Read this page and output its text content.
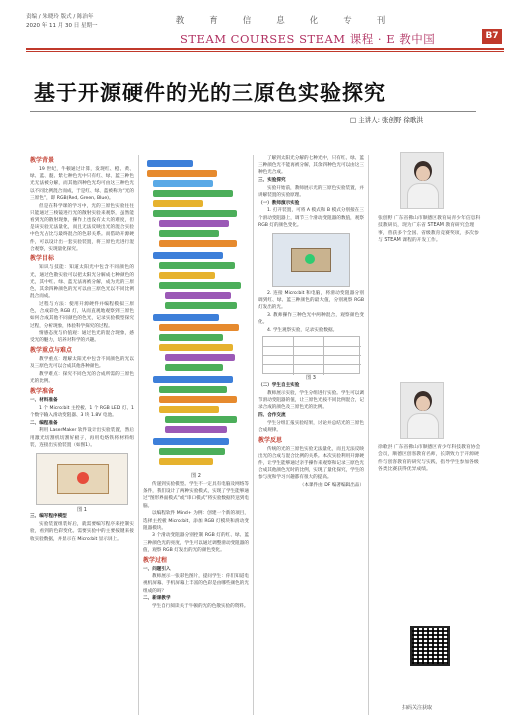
责编 / 朱晓玲 版式 / 陈治年
2020 年 11 月 30 日 星期一	教育信息化专刊
STEAM COURSES STEAM 课程 · E 教中国	B7
基于开源硬件的光的三原色实验探究
□ 主讲人: 张创野 徐歌洪
教学背景

19 世纪，牛顿通过计算，发现红、橙、黄、绿、蓝、靛、紫七种色光中只有红、绿、蓝三种色光无法被分解，而其他四种色光均可由这三种色光以不同比例混合而成，于是红、绿、蓝被称为“光的三原色”，即 RGB(Red, Green, Blue)。

但是在科学课的学习中，光的三原色实验往往只能通过三棱镜进行光的散射实验来观察，虽然能看到光的散射现象，操作上也没有太大的难度，但是该实验无法量化，而且无法反映出光的混合实验中色光占比与最终混合的色彩关系。而借助开源硬件，可以设计出一套实验装置，将三原色光进行混合观察，实现量化探究。

教学目标

知识与技能：知道太阳光中包含不同颜色的光，通过色散实验可以把太阳光分解成七种颜色的光，其中红、绿、蓝无法再被分解，成为光的三原色，其余四种颜色的光可以由三原色光以不同比例混合而成。

过程与方法：使用开源硬件并编程模拟三原色，合成彩色 RGB 灯，从而直观地观察到三原色如何合成其他不同颜色的色光，记录实验模型探究过程，分析现象，体验科学探究的过程。

情感态度与价值观：通过色光的混合现象，感受光的魅力，培养对科学的兴趣。

教学重点与难点

教学重点：理解太阳光中包含不同颜色的光以及三原色光可以合成其他各种颜色。

教学难点：探究不同色光的合成所需的三原色光的比例。

教学准备

一、材料准备

1 个 Micro:bit 主控板、1 个 RGB LED 灯、1 个数字输入滑动变阻器、3 块 1.8V 电池。

二、编程准备

利用 LaserMaker 软件设计出实验装置，然后用激光切割机切割好板子，再用电烙铁将材料组装，连接出实验装置（如图1）。

图 1

三、编写程序模型

实验装置组装好后，就需要编写程序来控制实验，看到的色彩变化。需要实验中的主要按键来接收实验数据，并显示在 Micro:bit 显示屏上。

图 2

传递到实验模型。学生不一定具有电脑及网络等条件，我们设计了两种实验模式，实现了学生能够通过“图形界面模式”或“串口模式”将实验数据传送到电脑。

以编程软件 Mind+ 为例：创建一个新的项目，选择主控板 Micro:bit，添加 RGB 灯模块和滑动变阻器模块。

3 个滑动变阻器分别控制 RGB 灯的红、绿、蓝三种颜色光的亮度，学生可以通过调整滑动变阻器的值，观察 RGB 灯发出的光的颜色变化。

教学过程

一、问题引入

教师展示一张彩色图片，提问学生：你们知道电视机屏幕、手机屏幕上丰富的色彩是由哪些颜色的光组成的吗？

二、新课教学

学生自行阅读关于牛顿的光的色散实验的资料。

了解到太阳光分解的七种光中，只有红、绿、蓝三种颜色光不能再被分解，其余四种色光可以由这三种色光合成。

三、实验探究

实验开始前，教师展示光的三原色实验装置，并讲解装置的实验原理。

（一）教师演示实验

1. 打开装置，可将 A 模式和 B 模式分别接在三个滑动变阻器上，调节三个滑动变阻器的数值，观察 RGB 灯的颜色变化。

2. 连接 Micro:bit 和电脑，将滑动变阻器分别调到红、绿、蓝三种颜色的最大值，分别观察 RGB 灯发出的光。

3. 教师操作三种色光中两种混合，观察颜色变化。

4. 学生观察实验，记录实验数据。

图 3

（二）学生自主实验

教师展示实验，学生分组进行实验。学生可以调节滑动变阻器的值，让三原色光按不同比例混合，记录合成的颜色及三原色光的比例。

四、合作交流

学生分组汇报实验结果，讨论并总结光的三原色合成规律。

教学反思

传统的光的三原色实验无法量化，而且无法反映出光的合成与混合比例的关系。本次实验利用开源硬件，让学生能够通过亲手操作来观察和记录三原色光合成其他颜色光时的比例，实现了量化探究，学生的参与度和学习兴趣都有很大的提高。

（本课件由 DF 编著编辑出品）

张创野 广东省佛山市顺德区教育局青少年信息科技教研员，现为广东省 STEAM 教育研究会理事，曾获多个全国、省级教育竞赛奖项，多次参与 STEAM 课程的开发工作。
徐歌洪 广东省佛山市顺德区青少年科技教育协会会员，顺德区创客教育名师，长期致力于开源硬件与创客教育的研究与实践，指导学生参加各级各类比赛获得优异成绩。
扫码关注获取
